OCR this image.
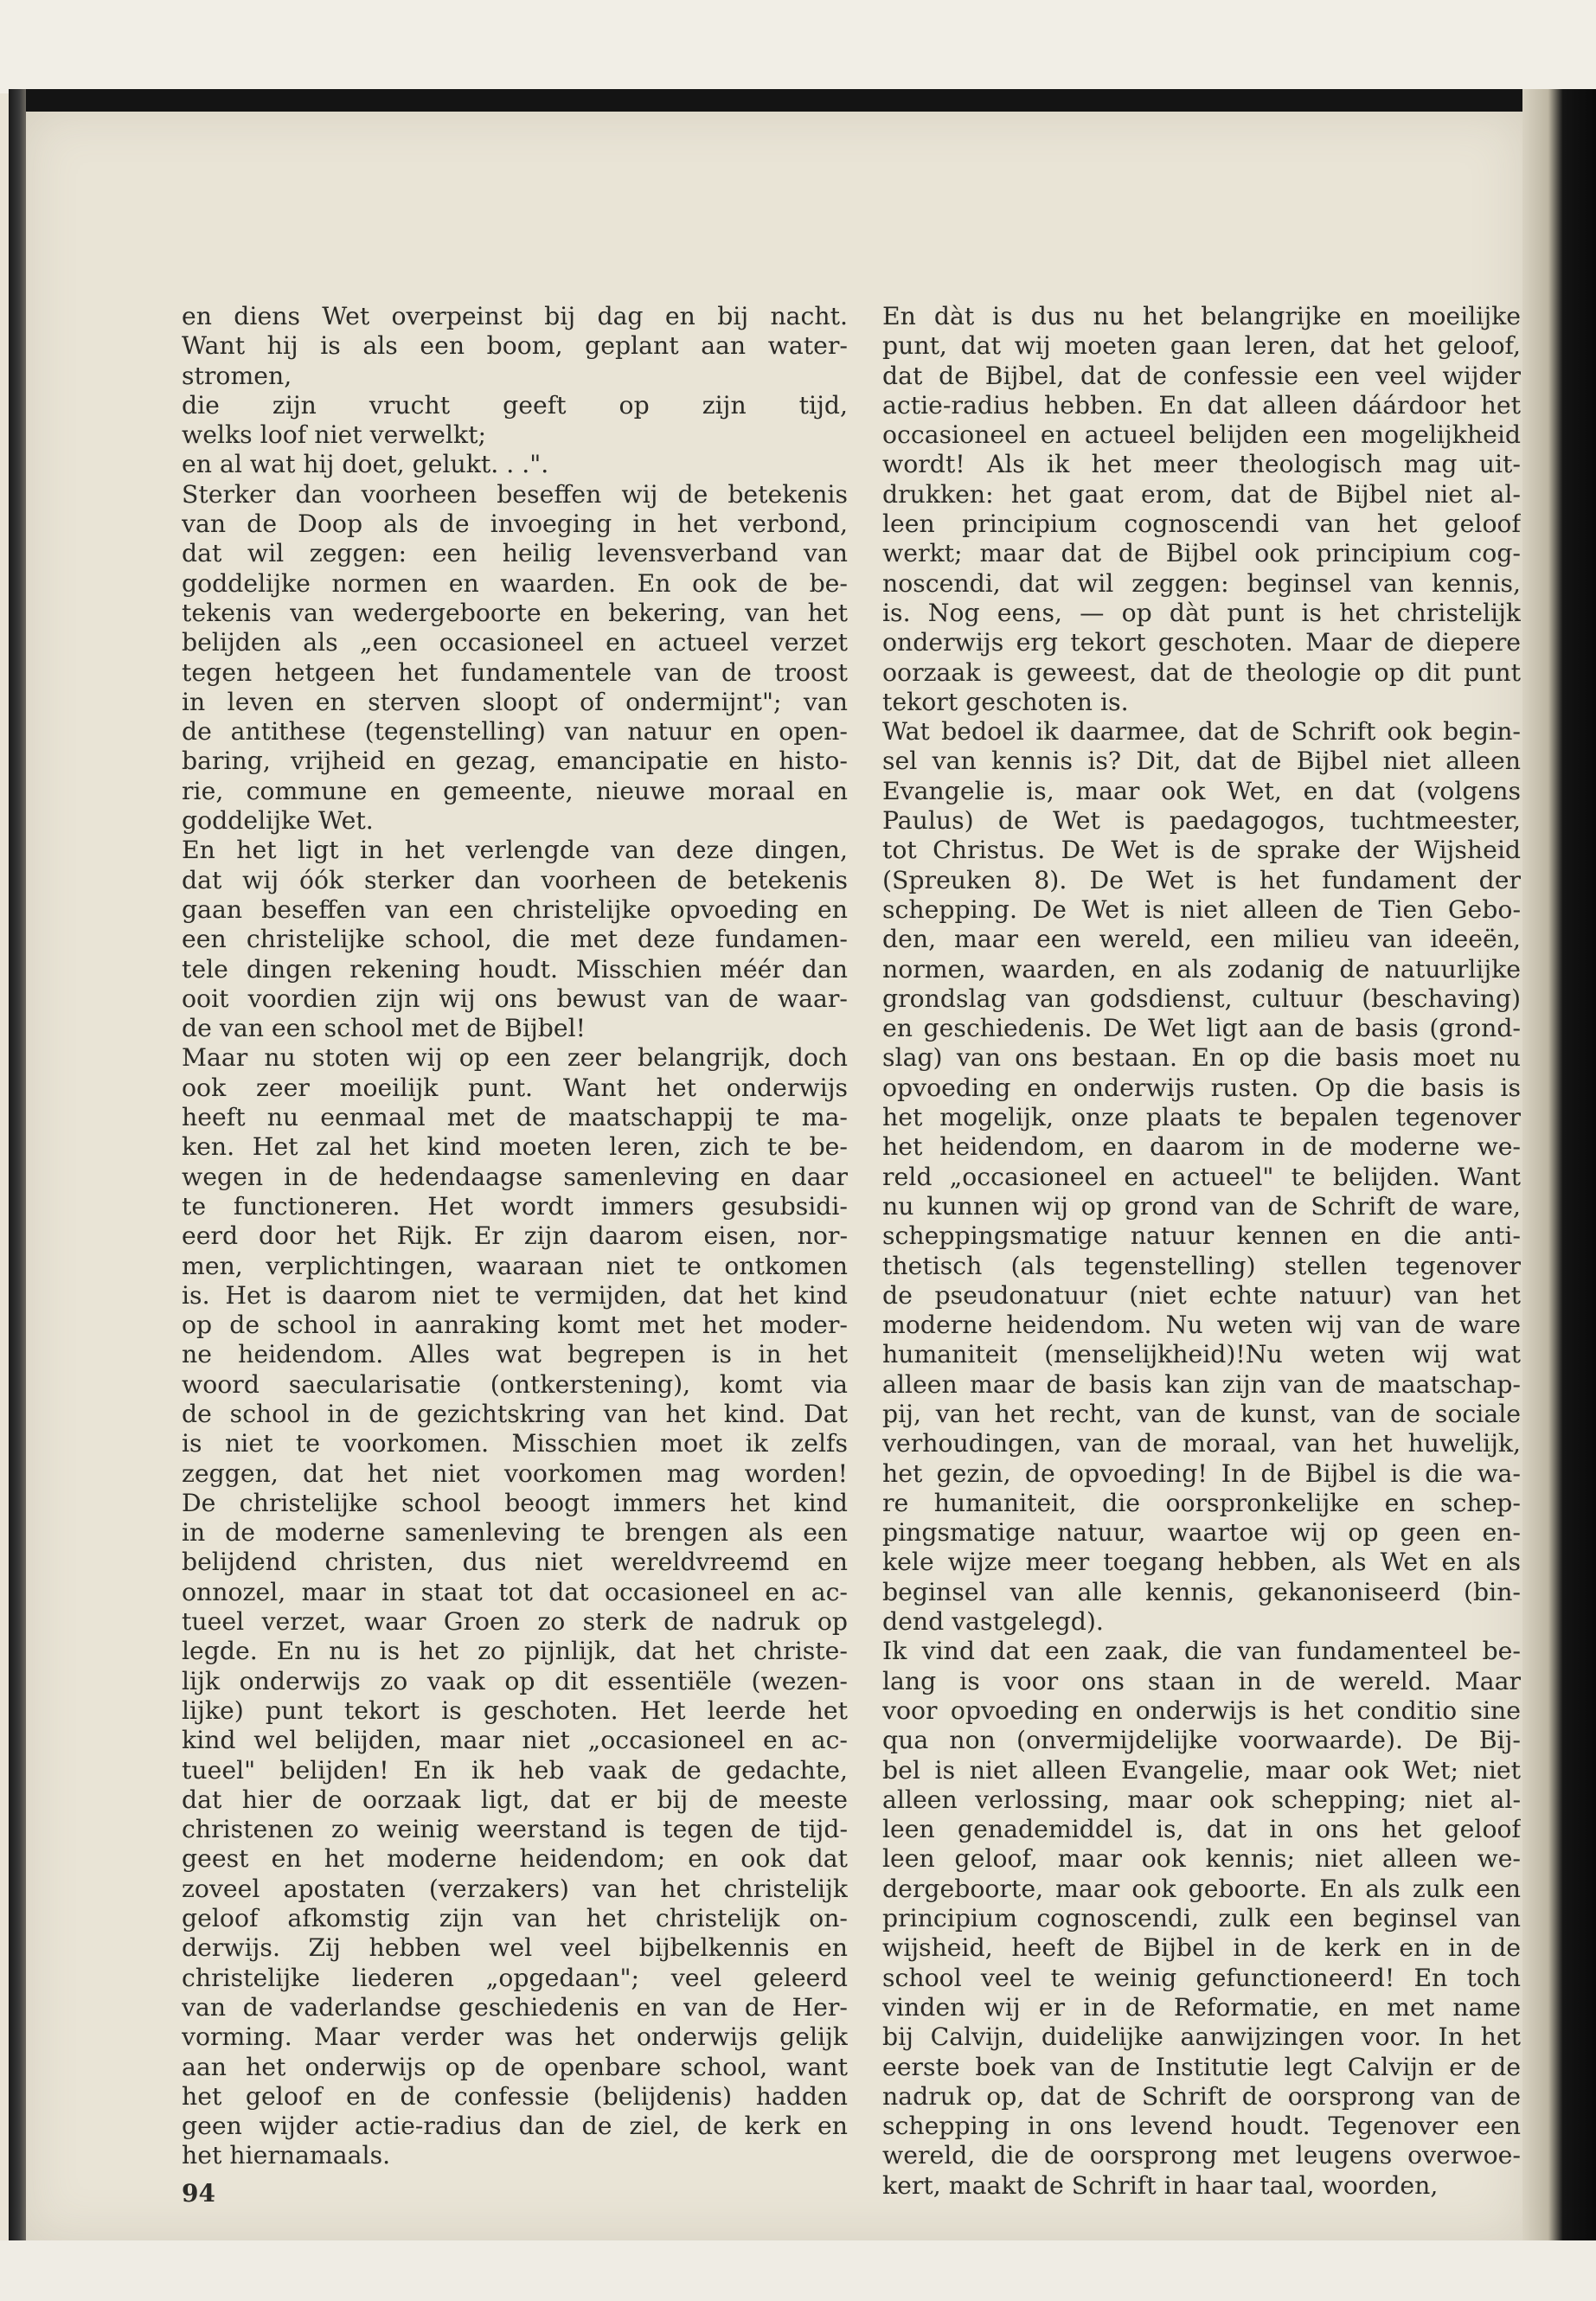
en diens Wet overpeinst bij dag en bij nacht.
Want hij is als een boom, geplant aan water-
stromen,
die zijn vrucht geeft op zijn tijd,
welks loof niet verwelkt;
en al wat hij doet, gelukt. . .".
Sterker dan voorheen beseffen wij de betekenis
van de Doop als de invoeging in het verbond,
dat wil zeggen: een heilig levensverband van
goddelijke normen en waarden. En ook de be-
tekenis van wedergeboorte en bekering, van het
belijden als „een occasioneel en actueel verzet
tegen hetgeen het fundamentele van de troost
in leven en sterven sloopt of ondermijnt"; van
de antithese (tegenstelling) van natuur en open-
baring, vrijheid en gezag, emancipatie en histo-
rie, commune en gemeente, nieuwe moraal en
goddelijke Wet.
En het ligt in het verlengde van deze dingen,
dat wij óók sterker dan voorheen de betekenis
gaan beseffen van een christelijke opvoeding en
een christelijke school, die met deze fundamen-
tele dingen rekening houdt. Misschien méér dan
ooit voordien zijn wij ons bewust van de waar-
de van een school met de Bijbel!
Maar nu stoten wij op een zeer belangrijk, doch
ook zeer moeilijk punt. Want het onderwijs
heeft nu eenmaal met de maatschappij te ma-
ken. Het zal het kind moeten leren, zich te be-
wegen in de hedendaagse samenleving en daar
te functioneren. Het wordt immers gesubsidi-
eerd door het Rijk. Er zijn daarom eisen, nor-
men, verplichtingen, waaraan niet te ontkomen
is. Het is daarom niet te vermijden, dat het kind
op de school in aanraking komt met het moder-
ne heidendom. Alles wat begrepen is in het
woord saecularisatie (ontkerstening), komt via
de school in de gezichtskring van het kind. Dat
is niet te voorkomen. Misschien moet ik zelfs
zeggen, dat het niet voorkomen mag worden!
De christelijke school beoogt immers het kind
in de moderne samenleving te brengen als een
belijdend christen, dus niet wereldvreemd en
onnozel, maar in staat tot dat occasioneel en ac-
tueel verzet, waar Groen zo sterk de nadruk op
legde. En nu is het zo pijnlijk, dat het christe-
lijk onderwijs zo vaak op dit essentiële (wezen-
lijke) punt tekort is geschoten. Het leerde het
kind wel belijden, maar niet „occasioneel en ac-
tueel" belijden! En ik heb vaak de gedachte,
dat hier de oorzaak ligt, dat er bij de meeste
christenen zo weinig weerstand is tegen de tijd-
geest en het moderne heidendom; en ook dat
zoveel apostaten (verzakers) van het christelijk
geloof afkomstig zijn van het christelijk on-
derwijs. Zij hebben wel veel bijbelkennis en
christelijke liederen „opgedaan"; veel geleerd
van de vaderlandse geschiedenis en van de Her-
vorming. Maar verder was het onderwijs gelijk
aan het onderwijs op de openbare school, want
het geloof en de confessie (belijdenis) hadden
geen wijder actie-radius dan de ziel, de kerk en
het hiernamaals.
En dàt is dus nu het belangrijke en moeilijke
punt, dat wij moeten gaan leren, dat het geloof,
dat de Bijbel, dat de confessie een veel wijder
actie-radius hebben. En dat alleen dáárdoor het
occasioneel en actueel belijden een mogelijkheid
wordt! Als ik het meer theologisch mag uit-
drukken: het gaat erom, dat de Bijbel niet al-
leen principium cognoscendi van het geloof
werkt; maar dat de Bijbel ook principium cog-
noscendi, dat wil zeggen: beginsel van kennis,
is. Nog eens, — op dàt punt is het christelijk
onderwijs erg tekort geschoten. Maar de diepere
oorzaak is geweest, dat de theologie op dit punt
tekort geschoten is.
Wat bedoel ik daarmee, dat de Schrift ook begin-
sel van kennis is? Dit, dat de Bijbel niet alleen
Evangelie is, maar ook Wet, en dat (volgens
Paulus) de Wet is paedagogos, tuchtmeester,
tot Christus. De Wet is de sprake der Wijsheid
(Spreuken 8). De Wet is het fundament der
schepping. De Wet is niet alleen de Tien Gebo-
den, maar een wereld, een milieu van ideeën,
normen, waarden, en als zodanig de natuurlijke
grondslag van godsdienst, cultuur (beschaving)
en geschiedenis. De Wet ligt aan de basis (grond-
slag) van ons bestaan. En op die basis moet nu
opvoeding en onderwijs rusten. Op die basis is
het mogelijk, onze plaats te bepalen tegenover
het heidendom, en daarom in de moderne we-
reld „occasioneel en actueel" te belijden. Want
nu kunnen wij op grond van de Schrift de ware,
scheppingsmatige natuur kennen en die anti-
thetisch (als tegenstelling) stellen tegenover
de pseudonatuur (niet echte natuur) van het
moderne heidendom. Nu weten wij van de ware
humaniteit (menselijkheid)!Nu weten wij wat
alleen maar de basis kan zijn van de maatschap-
pij, van het recht, van de kunst, van de sociale
verhoudingen, van de moraal, van het huwelijk,
het gezin, de opvoeding! In de Bijbel is die wa-
re humaniteit, die oorspronkelijke en schep-
pingsmatige natuur, waartoe wij op geen en-
kele wijze meer toegang hebben, als Wet en als
beginsel van alle kennis, gekanoniseerd (bin-
dend vastgelegd).
Ik vind dat een zaak, die van fundamenteel be-
lang is voor ons staan in de wereld. Maar
voor opvoeding en onderwijs is het conditio sine
qua non (onvermijdelijke voorwaarde). De Bij-
bel is niet alleen Evangelie, maar ook Wet; niet
alleen verlossing, maar ook schepping; niet al-
leen genademiddel is, dat in ons het geloof
leen geloof, maar ook kennis; niet alleen we-
dergeboorte, maar ook geboorte. En als zulk een
principium cognoscendi, zulk een beginsel van
wijsheid, heeft de Bijbel in de kerk en in de
school veel te weinig gefunctioneerd! En toch
vinden wij er in de Reformatie, en met name
bij Calvijn, duidelijke aanwijzingen voor. In het
eerste boek van de Institutie legt Calvijn er de
nadruk op, dat de Schrift de oorsprong van de
schepping in ons levend houdt. Tegenover een
wereld, die de oorsprong met leugens overwoe-
kert, maakt de Schrift in haar taal, woorden,
94
